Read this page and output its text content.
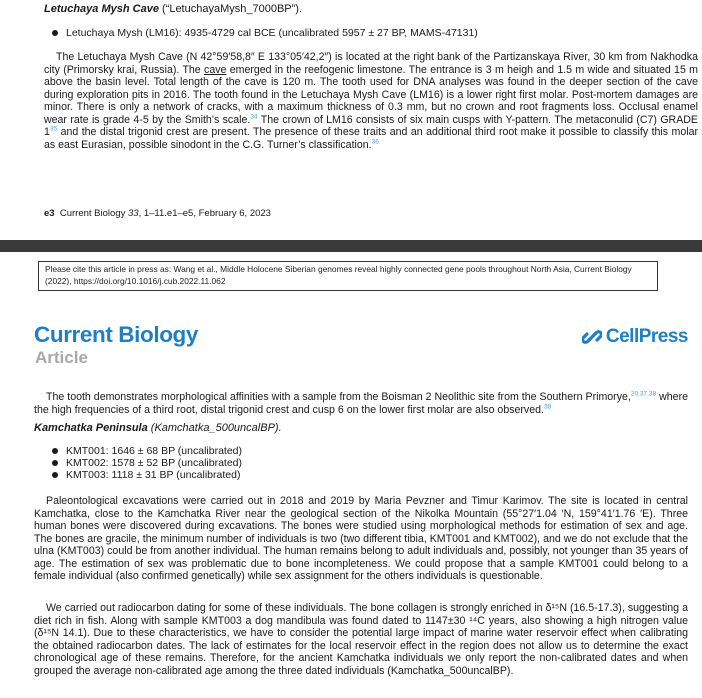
Letuchaya Mysh Cave (“LetuchayaMysh_7000BP”).

Letuchaya Mysh (LM16): 4935-4729 cal BCE (uncalibrated 5957 ± 27 BP, MAMS-47131)

The Letuchaya Mysh Cave (N 42°59′58,8″ E 133°05′42,2″) is located at the right bank of the Partizanskaya River, 30 km from Nakhodka city (Primorsky krai, Russia). The cave emerged in the reefogenic limestone. The entrance is 3 m heigh and 1.5 m wide and situated 15 m above the basin level. Total length of the cave is 120 m. The tooth used for DNA analyses was found in the deeper section of the cave during exploration pits in 2016. The tooth found in the Letuchaya Mysh Cave (LM16) is a lower right first molar. Post-mortem damages are minor. There is only a network of cracks, with a maximum thickness of 0.3 mm, but no crown and root fragments loss. Occlusal enamel wear rate is grade 4-5 by the Smith’s scale.$^{34}$ The crown of LM16 consists of six main cusps with Y-pattern. The metaconulid (C7) GRADE 1$^{35}$ and the distal trigonid crest are present. The presence of these traits and an additional third root make it possible to classify this molar as east Eurasian, possible sinodont in the C.G. Turner’s classification.$^{36}$

e3 Current Biology 33, 1–11.e1–e5, February 6, 2023
Please cite this article in press as: Wang et al., Middle Holocene Siberian genomes reveal highly connected gene pools throughout North Asia, Current Biology (2022), https://doi.org/10.1016/j.cub.2022.11.062
Current Biology
Article
CellPress

The tooth demonstrates morphological affinities with a sample from the Boisman 2 Neolithic site from the Southern Primorye,$^{20,37,38}$ where the high frequencies of a third root, distal trigonid crest and cusp 6 on the lower first molar are also observed.$^{38}$

Kamchatka Peninsula (Kamchatka_500uncalBP).

KMT001: 1646 ± 68 BP (uncalibrated)
KMT002: 1578 ± 52 BP (uncalibrated)
KMT003: 1118 ± 31 BP (uncalibrated)

Paleontological excavations were carried out in 2018 and 2019 by Maria Pevzner and Timur Karimov. The site is located in central Kamchatka, close to the Kamchatka River near the geological section of the Nikolka Mountain (55°27′1.04 ′N, 159°41′1.76 ′E). Three human bones were discovered during excavations. The bones were studied using morphological methods for estimation of sex and age. The bones are gracile, the minimum number of individuals is two (two different tibia, KMT001 and KMT002), and we do not exclude that the ulna (KMT003) could be from another individual. The human remains belong to adult individuals and, possibly, not younger than 35 years of age. The estimation of sex was problematic due to bone incompleteness. We could propose that a sample KMT001 could belong to a female individual (also confirmed genetically) while sex assignment for the others individuals is questionable.

We carried out radiocarbon dating for some of these individuals. The bone collagen is strongly enriched in δ¹⁵N (16.5-17.3), suggesting a diet rich in fish. Along with sample KMT003 a dog mandibula was found dated to 1147±30 ¹⁴C years, also showing a high nitrogen value (δ¹⁵N 14.1). Due to these characteristics, we have to consider the potential large impact of marine water reservoir effect when calibrating the obtained radiocarbon dates. The lack of estimates for the local reservoir effect in the region does not allow us to determine the exact chronological age of these remains. Therefore, for the ancient Kamchatka individuals we only report the non-calibrated dates and when grouped the average non-calibrated age among the three dated individuals (Kamchatka_500uncalBP).
